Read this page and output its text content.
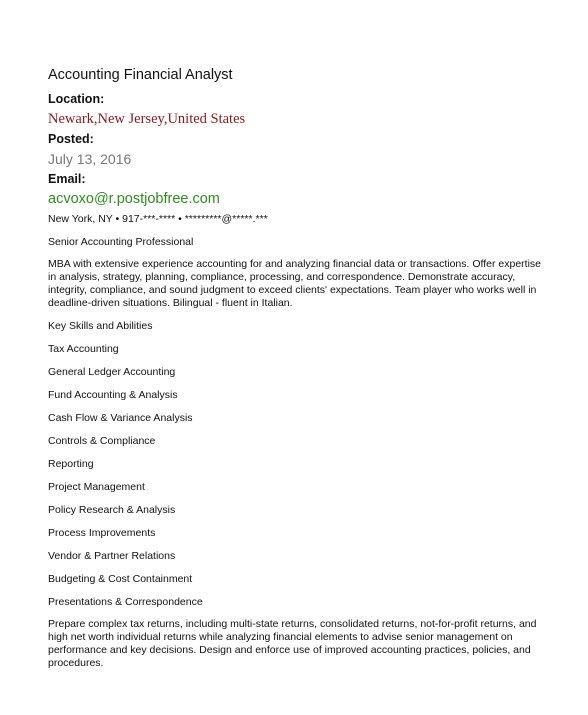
Accounting Financial Analyst
Location:
Newark,New Jersey,United States
Posted:
July 13, 2016
Email:
acvoxo@r.postjobfree.com
New York, NY • 917-***-**** • *********@*****.***
Senior Accounting Professional
MBA with extensive experience accounting for and analyzing financial data or transactions. Offer expertise in analysis, strategy, planning, compliance, processing, and correspondence. Demonstrate accuracy, integrity, compliance, and sound judgment to exceed clients' expectations. Team player who works well in deadline-driven situations. Bilingual - fluent in Italian.
Key Skills and Abilities
Tax Accounting
General Ledger Accounting
Fund Accounting & Analysis
Cash Flow & Variance Analysis
Controls & Compliance
Reporting
Project Management
Policy Research & Analysis
Process Improvements
Vendor & Partner Relations
Budgeting & Cost Containment
Presentations & Correspondence
Prepare complex tax returns, including multi-state returns, consolidated returns, not-for-profit returns, and high net worth individual returns while analyzing financial elements to advise senior management on performance and key decisions. Design and enforce use of improved accounting practices, policies, and procedures.
